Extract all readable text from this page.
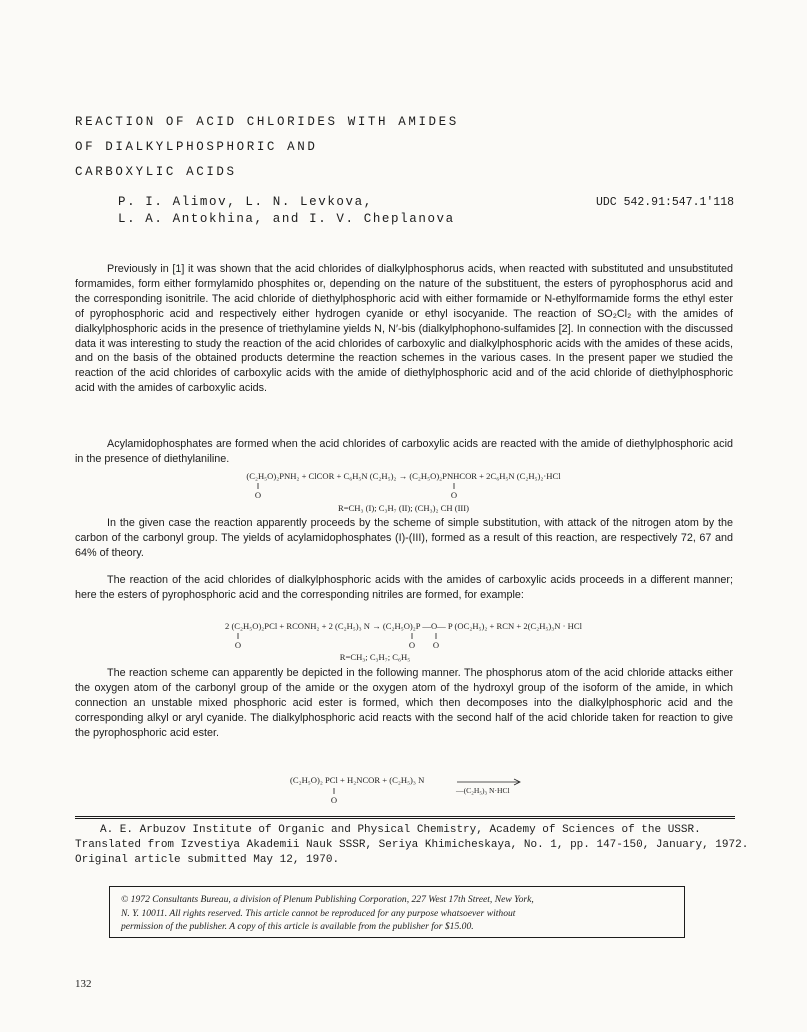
REACTION OF ACID CHLORIDES WITH AMIDES
OF DIALKYLPHOSPHORIC AND
CARBOXYLIC ACIDS
P. I. Alimov, L. N. Levkova,
L. A. Antokhina, and I. V. Cheplanova
UDC 542.91:547.1'118

Previously in [1] it was shown that the acid chlorides of dialkylphosphorus acids, when reacted with substituted and unsubstituted formamides, form either formylamido phosphites or, depending on the nature of the substituent, the esters of pyrophosphorus acid and the corresponding isonitrile. The acid chloride of diethylphosphoric acid with either formamide or N-ethylformamide forms the ethyl ester of pyrophosphoric acid and respectively either hydrogen cyanide or ethyl isocyanide. The reaction of SO₂Cl₂ with the amides of dialkylphosphoric acids in the presence of triethylamine yields N, N′-bis (dialkylphophono-sulfamides [2]. In connection with the discussed data it was interesting to study the reaction of the acid chlorides of carboxylic and dialkylphosphoric acids with the amides of these acids, and on the basis of the obtained products determine the reaction schemes in the various cases. In the present paper we studied the reaction of the acid chlorides of carboxylic acids with the amide of diethylphosphoric acid and of the acid chloride of diethylphosphoric acid with the amides of carboxylic acids.

Acylamidophosphates are formed when the acid chlorides of carboxylic acids are reacted with the amide of diethylphosphoric acid in the presence of diethylaniline.

(C₂H₅O)₂PNH₂ + ClCOR + C₆H₅N (C₂H₅)₂ → (C₂H₅O)₂PNHCOR + 2C₆H₅N (C₂H₅)₂·HCl
‖
O
‖
O
R=CH₃ (I); C₃H₇ (II); (CH₃)₂ CH (III)

In the given case the reaction apparently proceeds by the scheme of simple substitution, with attack of the nitrogen atom by the carbon of the carbonyl group. The yields of acylamidophosphates (I)-(III), formed as a result of this reaction, are respectively 72, 67 and 64% of theory.

The reaction of the acid chlorides of dialkylphosphoric acids with the amides of carboxylic acids proceeds in a different manner; here the esters of pyrophosphoric acid and the corresponding nitriles are formed, for example:

2 (C₂H₅O)₂PCl + RCONH₂ + 2 (C₂H₅)₃ N → (C₂H₅O)₂P —O— P (OC₂H₅)₂ + RCN + 2(C₂H₅)₃N · HCl
‖
O
‖
O
‖
O
R=CH₃; C₃H₇; C₆H₅

The reaction scheme can apparently be depicted in the following manner. The phosphorus atom of the acid chloride attacks either the oxygen atom of the carbonyl group of the amide or the oxygen atom of the hydroxyl group of the isoform of the amide, in which connection an unstable mixed phosphoric acid ester is formed, which then decomposes into the dialkylphosphoric acid and the corresponding alkyl or aryl cyanide. The dialkylphosphoric acid reacts with the second half of the acid chloride taken for reaction to give the pyrophosphoric acid ester.

(C₂H₅O)₂ PCl + H₂NCOR + (C₂H₅)₃ N
—(C₂H₅)₃ N·HCl
‖
O
A. E. Arbuzov Institute of Organic and Physical Chemistry, Academy of Sciences of the USSR.
Translated from Izvestiya Akademii Nauk SSSR, Seriya Khimicheskaya, No. 1, pp. 147-150, January, 1972.
Original article submitted May 12, 1970.
© 1972 Consultants Bureau, a division of Plenum Publishing Corporation, 227 West 17th Street, New York,
N. Y. 10011. All rights reserved. This article cannot be reproduced for any purpose whatsoever without
permission of the publisher. A copy of this article is available from the publisher for $15.00.
132
